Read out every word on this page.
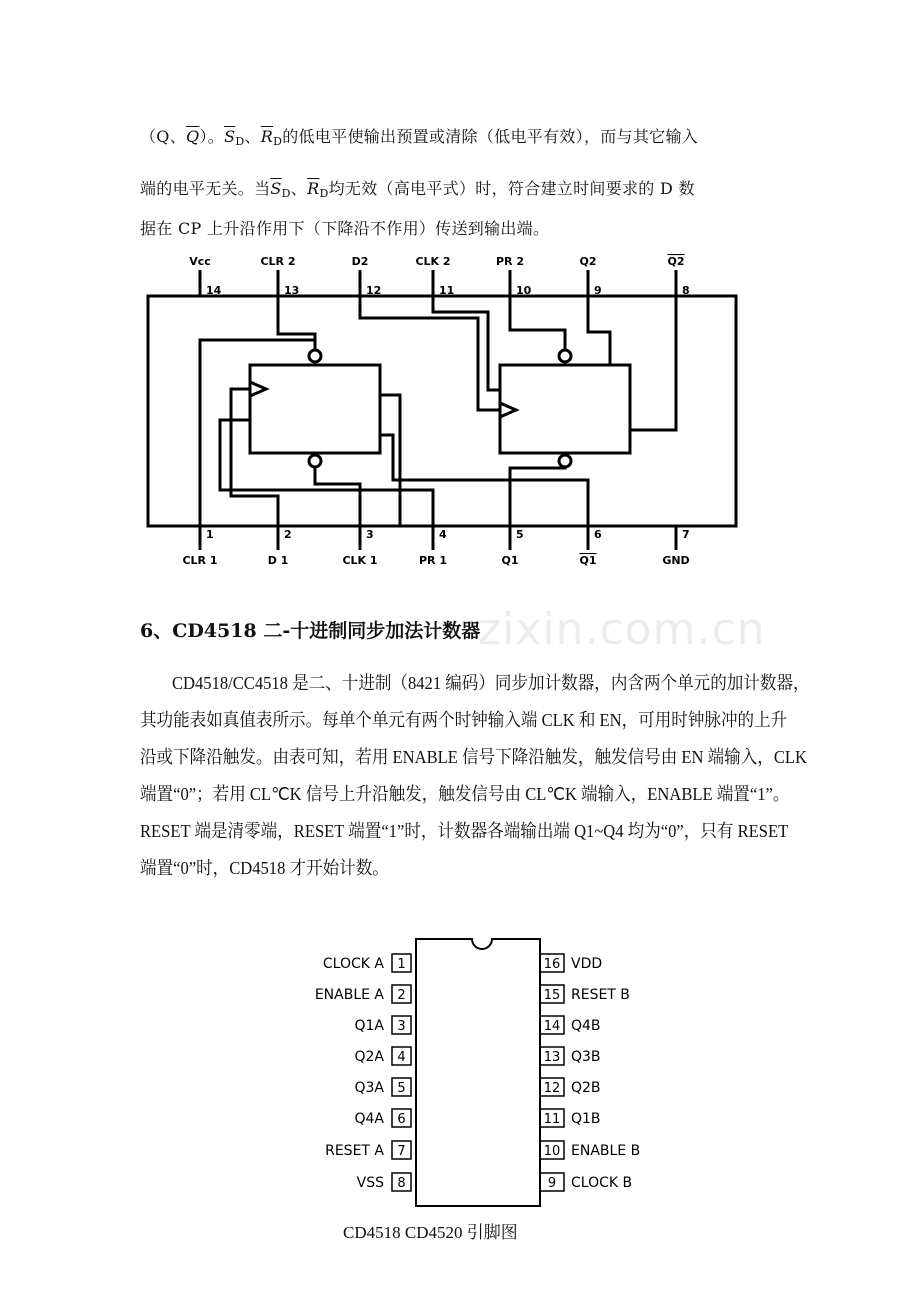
（Q、$\overline{Q}$）。$\overline{S}_D$、$\overline{R}_D$的低电平使输出预置或清除（低电平有效），而与其它输入
端的电平无关。当$\overline{S}_D$、$\overline{R}_D$均无效（高电平式）时，符合建立时间要求的 D 数
据在 CP 上升沿作用下（下降沿不作用）传送到输出端。
Vcc	CLR 2	D2	CLK 2	PR 2	Q2	Q2
14	13	12	11	10	9	8
1	2	3	4	5	6	7
CLR 1	D 1	CLK 1	PR 1	Q1	Q1	GND
zixin.com.cn
6、CD4518 二-十进制同步加法计数器
CD4518/CC4518 是二、十进制（8421 编码）同步加计数器，内含两个单元的加计数器，
其功能表如真值表所示。每单个单元有两个时钟输入端 CLK 和 EN，可用时钟脉冲的上升
沿或下降沿触发。由表可知，若用 ENABLE 信号下降沿触发，触发信号由 EN 端输入，CLK
端置“0”；若用 CL℃K 信号上升沿触发，触发信号由 CL℃K 端输入，ENABLE 端置“1”。
RESET 端是清零端，RESET 端置“1”时，计数器各端输出端 Q1~Q4 均为“0”，只有 RESET
端置“0”时，CD4518 才开始计数。
1
2
3
4
5
6
7
8
16
15
14
13
12
11
10
9
CLOCK A
ENABLE A
Q1A
Q2A
Q3A
Q4A
RESET A
VSS
VDD
RESET B
Q4B
Q3B
Q2B
Q1B
ENABLE B
CLOCK B
CD4518 CD4520 引脚图
